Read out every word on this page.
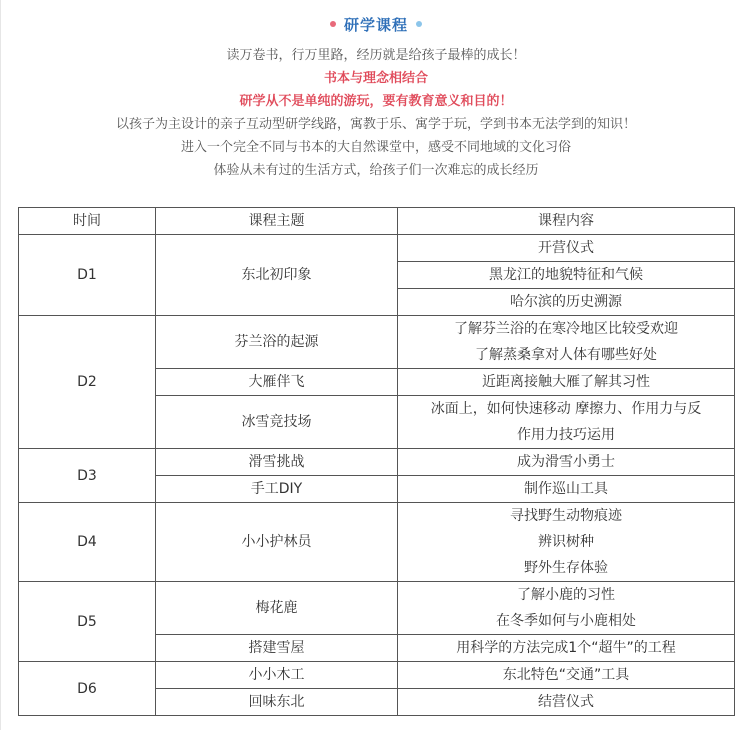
研学课程
读万卷书，行万里路，经历就是给孩子最棒的成长！
书本与理念相结合
研学从不是单纯的游玩，要有教育意义和目的！
以孩子为主设计的亲子互动型研学线路，寓教于乐、寓学于玩，学到书本无法学到的知识！
进入一个完全不同与书本的大自然课堂中，感受不同地域的文化习俗
体验从未有过的生活方式，给孩子们一次难忘的成长经历
时间	课程主题	课程内容
D1	东北初印象	开营仪式
		黑龙江的地貌特征和气候
		哈尔滨的历史溯源
D2	芬兰浴的起源	了解芬兰浴的在寒冷地区比较受欢迎
了解蒸桑拿对人体有哪些好处

	大雁伴飞	近距离接触大雁了解其习性
	冰雪竞技场	冰面上，如何快速移动 摩擦力、作用力与反
作用力技巧运用

D3	滑雪挑战	成为滑雪小勇士
	手工DIY	制作巡山工具
D4	小小护林员	寻找野生动物痕迹
辨识树种
野外生存体验

D5	梅花鹿	了解小鹿的习性
在冬季如何与小鹿相处

	搭建雪屋	用科学的方法完成1个“超牛”的工程
D6	小小木工	东北特色“交通”工具
	回味东北	结营仪式
